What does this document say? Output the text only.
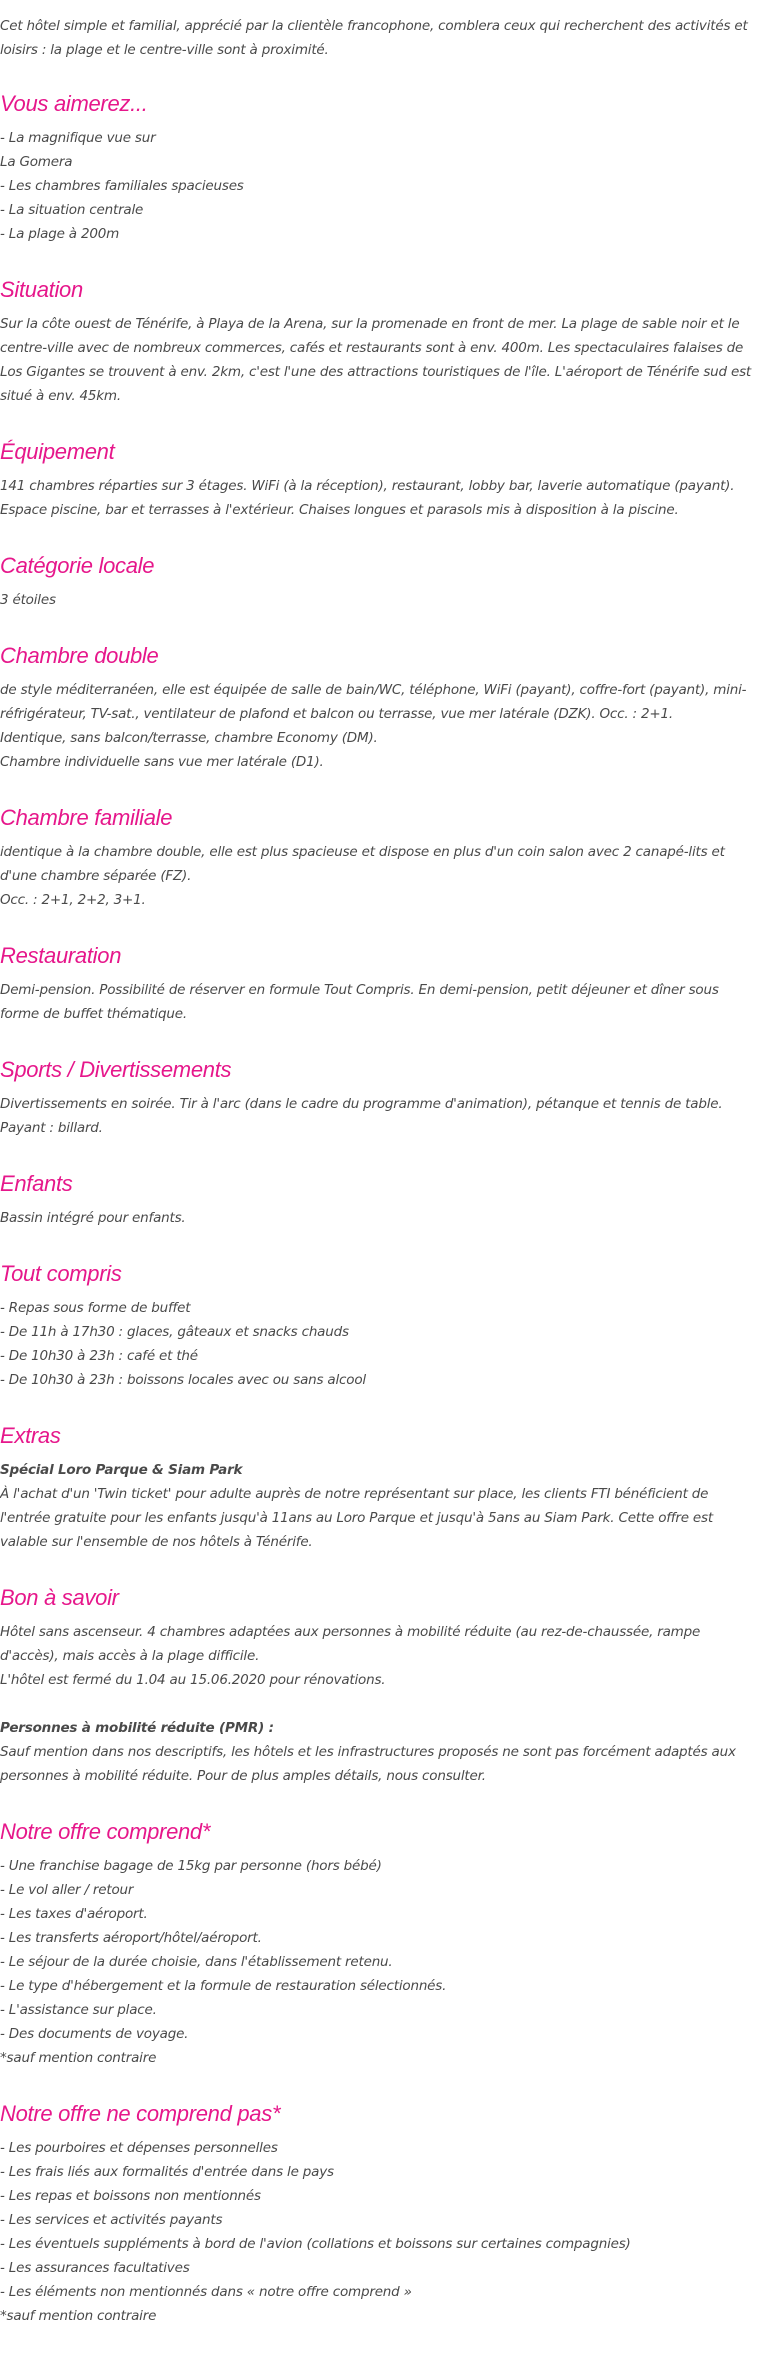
Cet hôtel simple et familial, apprécié par la clientèle francophone, comblera ceux qui recherchent des activités et loisirs : la plage et le centre-ville sont à proximité.

Vous aimerez...
- La magnifique vue sur
La Gomera
- Les chambres familiales spacieuses
- La situation centrale
- La plage à 200m
Situation

Sur la côte ouest de Ténérife, à Playa de la Arena, sur la promenade en front de mer. La plage de sable noir et le centre-ville avec de nombreux commerces, cafés et restaurants sont à env. 400m. Les spectaculaires falaises de Los Gigantes se trouvent à env. 2km, c'est l'une des attractions touristiques de l'île. L'aéroport de Ténérife sud est situé à env. 45km.

Équipement

141 chambres réparties sur 3 étages. WiFi (à la réception), restaurant, lobby bar, laverie automatique (payant). Espace piscine, bar et terrasses à l'extérieur. Chaises longues et parasols mis à disposition à la piscine.

Catégorie locale

3 étoiles

Chambre double

de style méditerranéen, elle est équipée de salle de bain/WC, téléphone, WiFi (payant), coffre-fort (payant), mini-réfrigérateur, TV-sat., ventilateur de plafond et balcon ou terrasse, vue mer latérale (DZK). Occ. : 2+1.

Identique, sans balcon/terrasse, chambre Economy (DM).

Chambre individuelle sans vue mer latérale (D1).

Chambre familiale

identique à la chambre double, elle est plus spacieuse et dispose en plus d'un coin salon avec 2 canapé-lits et d'une chambre séparée (FZ).

Occ. : 2+1, 2+2, 3+1.

Restauration

Demi-pension. Possibilité de réserver en formule Tout Compris. En demi-pension, petit déjeuner et dîner sous forme de buffet thématique.

Sports / Divertissements

Divertissements en soirée. Tir à l'arc (dans le cadre du programme d'animation), pétanque et tennis de table.

Payant : billard.

Enfants

Bassin intégré pour enfants.

Tout compris
- Repas sous forme de buffet
- De 11h à 17h30 : glaces, gâteaux et snacks chauds
- De 10h30 à 23h : café et thé
- De 10h30 à 23h : boissons locales avec ou sans alcool
Extras
Spécial Loro Parque & Siam Park

À l'achat d'un 'Twin ticket' pour adulte auprès de notre représentant sur place, les clients FTI bénéficient de l'entrée gratuite pour les enfants jusqu'à 11ans au Loro Parque et jusqu'à 5ans au Siam Park. Cette offre est valable sur l'ensemble de nos hôtels à Ténérife.

Bon à savoir

Hôtel sans ascenseur. 4 chambres adaptées aux personnes à mobilité réduite (au rez-de-chaussée, rampe d'accès), mais accès à la plage difficile.

L'hôtel est fermé du 1.04 au 15.06.2020 pour rénovations.

Personnes à mobilité réduite (PMR) :

Sauf mention dans nos descriptifs, les hôtels et les infrastructures proposés ne sont pas forcément adaptés aux personnes à mobilité réduite. Pour de plus amples détails, nous consulter.

Notre offre comprend*
- Une franchise bagage de 15kg par personne (hors bébé)
- Le vol aller / retour
- Les taxes d'aéroport.
- Les transferts aéroport/hôtel/aéroport.
- Le séjour de la durée choisie, dans l'établissement retenu.
- Le type d'hébergement et la formule de restauration sélectionnés.
- L'assistance sur place.
- Des documents de voyage.
*sauf mention contraire
Notre offre ne comprend pas*
- Les pourboires et dépenses personnelles
- Les frais liés aux formalités d'entrée dans le pays
- Les repas et boissons non mentionnés
- Les services et activités payants
- Les éventuels suppléments à bord de l'avion (collations et boissons sur certaines compagnies)
- Les assurances facultatives
- Les éléments non mentionnés dans « notre offre comprend »
*sauf mention contraire
